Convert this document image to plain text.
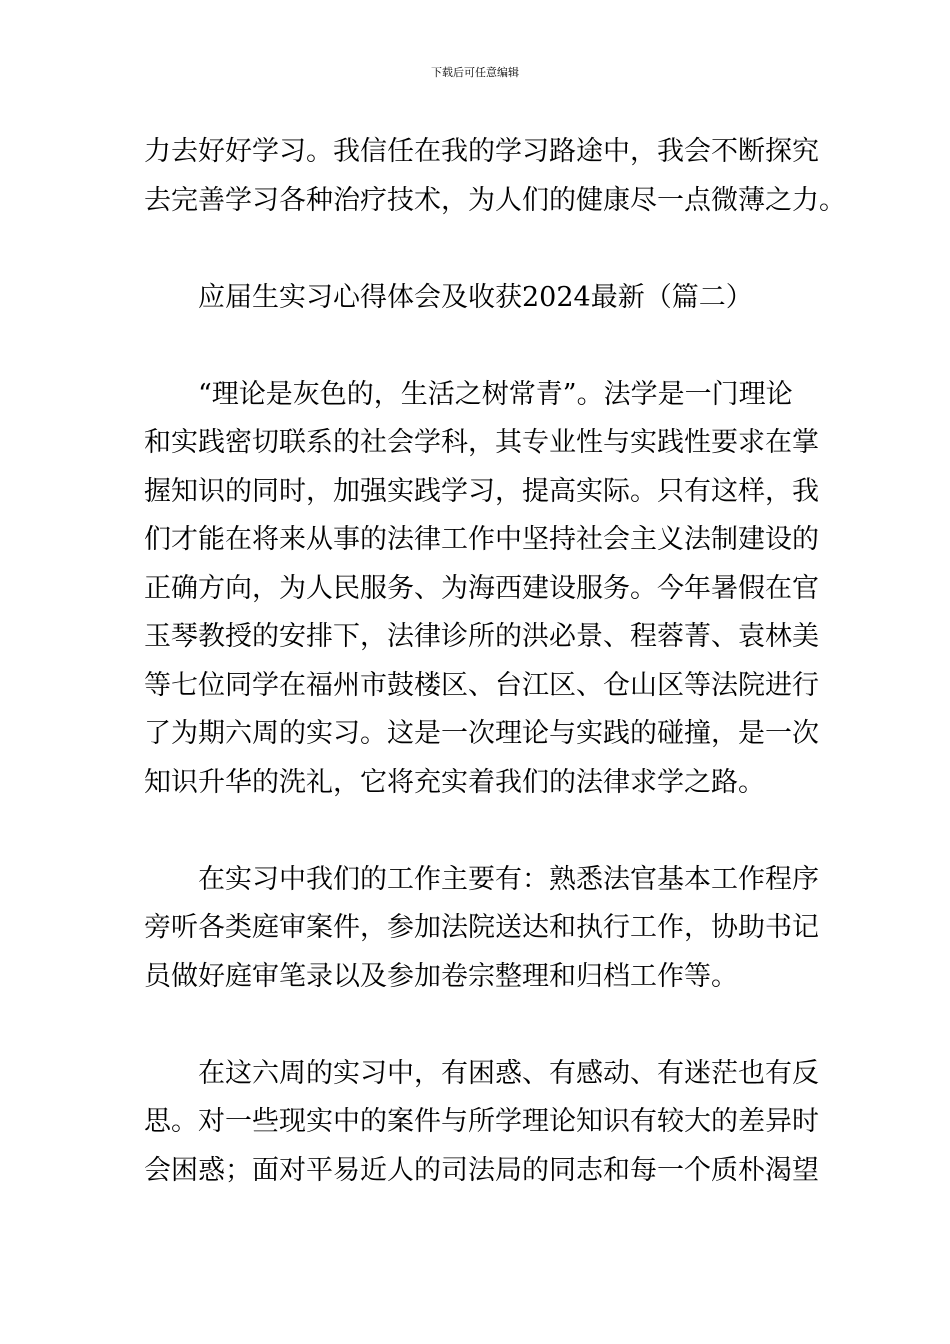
下载后可任意编辑

力去好好学习。我信任在我的学习路途中，我会不断探究
去完善学习各种治疗技术，为人们的健康尽一点微薄之力。

应届生实习心得体会及收获2024最新（篇二）

“理论是灰色的，生活之树常青”。法学是一门理论
和实践密切联系的社会学科，其专业性与实践性要求在掌
握知识的同时，加强实践学习，提高实际。只有这样，我
们才能在将来从事的法律工作中坚持社会主义法制建设的
正确方向，为人民服务、为海西建设服务。今年暑假在官
玉琴教授的安排下，法律诊所的洪必景、程蓉菁、袁林美
等七位同学在福州市鼓楼区、台江区、仓山区等法院进行
了为期六周的实习。这是一次理论与实践的碰撞，是一次
知识升华的洗礼，它将充实着我们的法律求学之路。

在实习中我们的工作主要有：熟悉法官基本工作程序
旁听各类庭审案件，参加法院送达和执行工作，协助书记
员做好庭审笔录以及参加卷宗整理和归档工作等。

在这六周的实习中，有困惑、有感动、有迷茫也有反
思。对一些现实中的案件与所学理论知识有较大的差异时
会困惑；面对平易近人的司法局的同志和每一个质朴渴望
